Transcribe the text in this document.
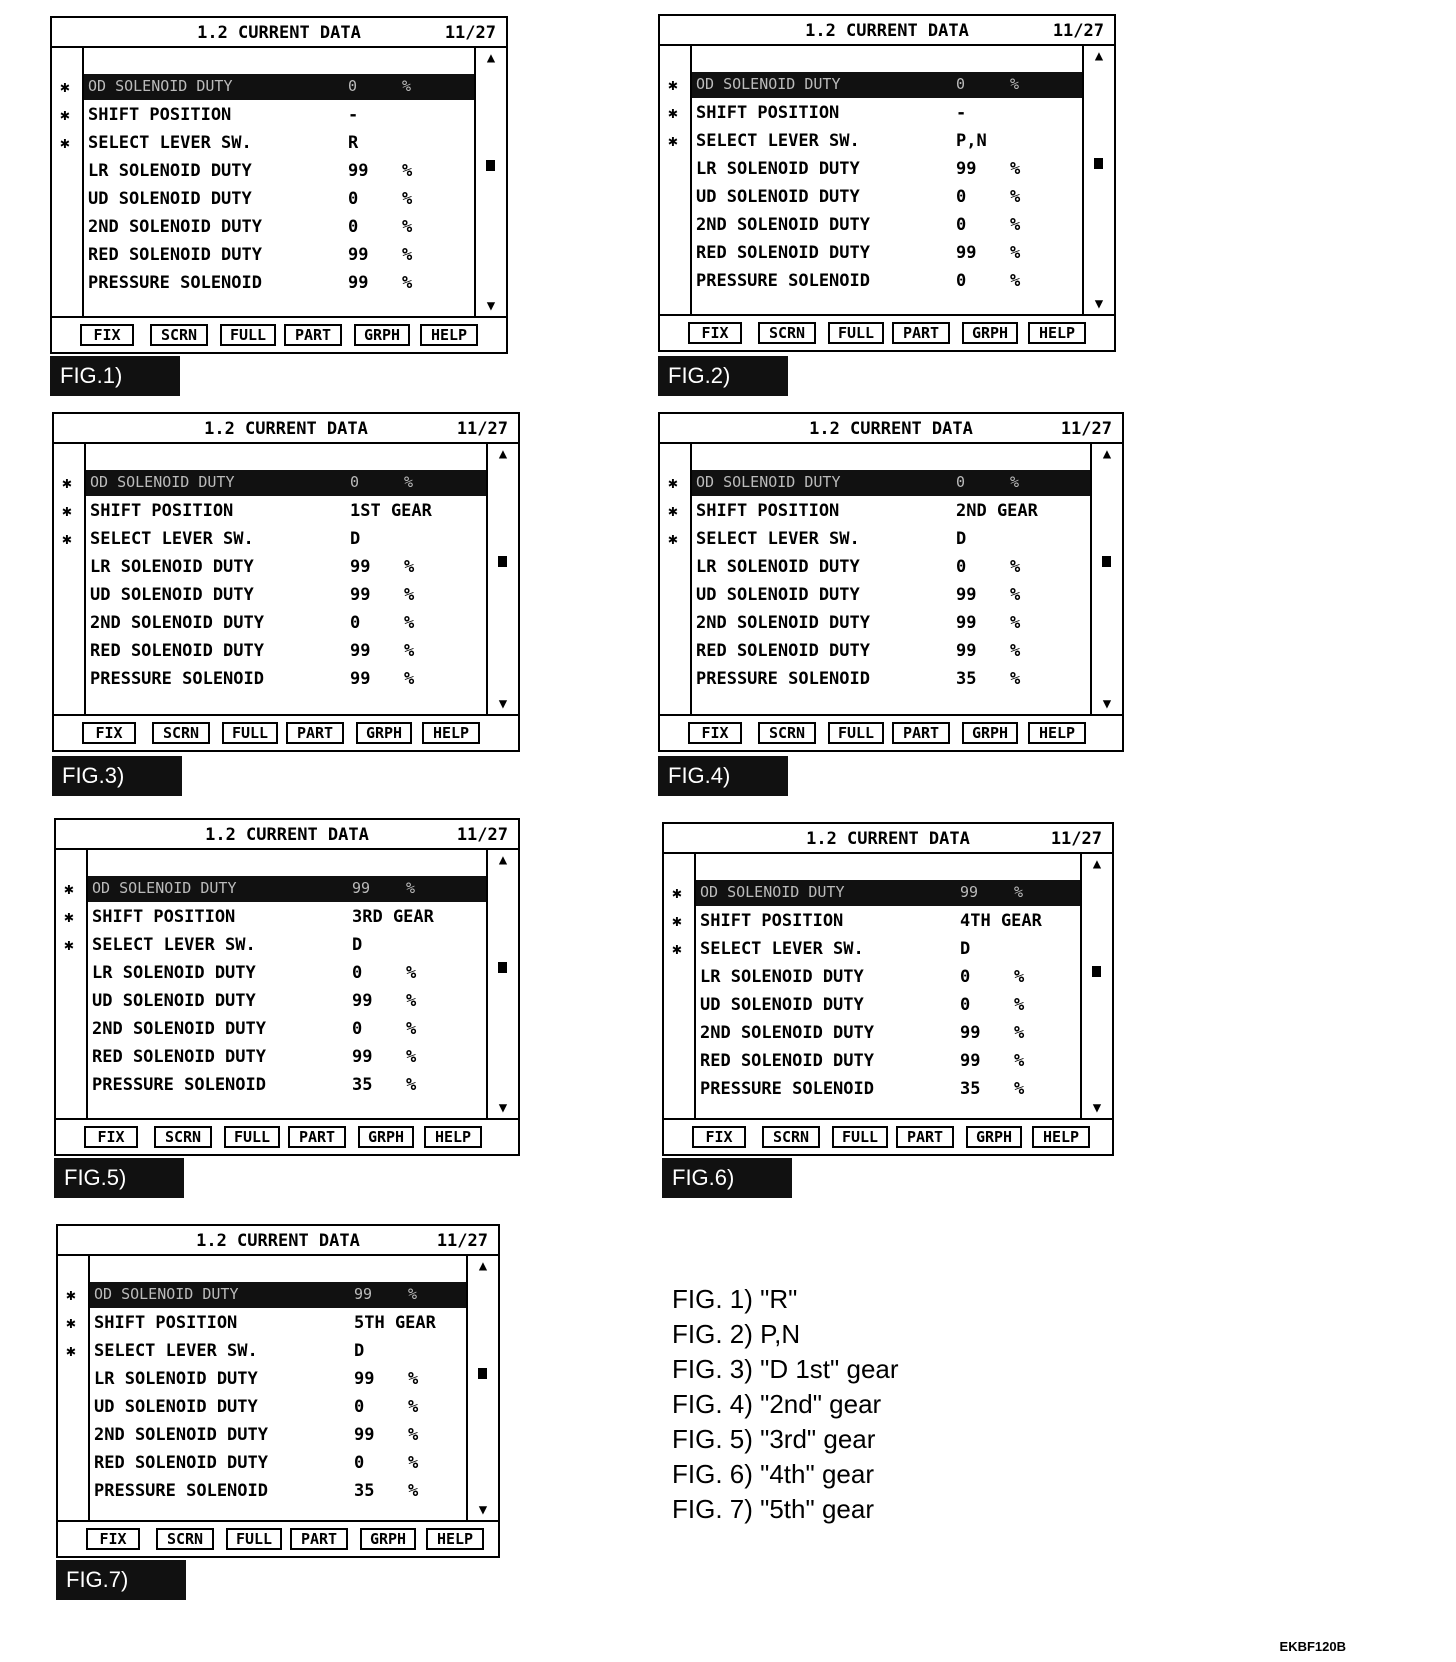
1.2 CURRENT DATA	11/27
✱
✱
✱
OD SOLENOID DUTY	0	%
SHIFT POSITION	-
SELECT LEVER SW.	R
LR SOLENOID DUTY	99 %
UD SOLENOID DUTY	0	%
2ND SOLENOID DUTY	0	%
RED SOLENOID DUTY	99 %
PRESSURE SOLENOID	99 %
▲
▼
FIX	SCRN	FULL	PART	GRPH	HELP
FIG.1)
1.2 CURRENT DATA	11/27
✱
✱
✱
OD SOLENOID DUTY	0	%
SHIFT POSITION	-
SELECT LEVER SW.	P,N
LR SOLENOID DUTY	99 %
UD SOLENOID DUTY	0	%
2ND SOLENOID DUTY	0	%
RED SOLENOID DUTY	99 %
PRESSURE SOLENOID	0	%
▲
▼
FIX	SCRN	FULL	PART	GRPH	HELP
FIG.2)
1.2 CURRENT DATA	11/27
✱
✱
✱
OD SOLENOID DUTY	0	%
SHIFT POSITION	1ST GEAR
SELECT LEVER SW.	D
LR SOLENOID DUTY	99 %
UD SOLENOID DUTY	99 %
2ND SOLENOID DUTY	0	%
RED SOLENOID DUTY	99 %
PRESSURE SOLENOID	99 %
▲
▼
FIX	SCRN	FULL	PART	GRPH	HELP
FIG.3)
1.2 CURRENT DATA	11/27
✱
✱
✱
OD SOLENOID DUTY	0	%
SHIFT POSITION	2ND GEAR
SELECT LEVER SW.	D
LR SOLENOID DUTY	0	%
UD SOLENOID DUTY	99 %
2ND SOLENOID DUTY	99 %
RED SOLENOID DUTY	99 %
PRESSURE SOLENOID	35 %
▲
▼
FIX	SCRN	FULL	PART	GRPH	HELP
FIG.4)
1.2 CURRENT DATA	11/27
✱
✱
✱
OD SOLENOID DUTY	99 %
SHIFT POSITION	3RD GEAR
SELECT LEVER SW.	D
LR SOLENOID DUTY	0	%
UD SOLENOID DUTY	99 %
2ND SOLENOID DUTY	0	%
RED SOLENOID DUTY	99 %
PRESSURE SOLENOID	35 %
▲
▼
FIX	SCRN	FULL	PART	GRPH	HELP
FIG.5)
1.2 CURRENT DATA	11/27
✱
✱
✱
OD SOLENOID DUTY	99 %
SHIFT POSITION	4TH GEAR
SELECT LEVER SW.	D
LR SOLENOID DUTY	0	%
UD SOLENOID DUTY	0	%
2ND SOLENOID DUTY	99 %
RED SOLENOID DUTY	99 %
PRESSURE SOLENOID	35 %
▲
▼
FIX	SCRN	FULL	PART	GRPH	HELP
FIG.6)
1.2 CURRENT DATA	11/27
✱
✱
✱
OD SOLENOID DUTY	99 %
SHIFT POSITION	5TH GEAR
SELECT LEVER SW.	D
LR SOLENOID DUTY	99 %
UD SOLENOID DUTY	0	%
2ND SOLENOID DUTY	99 %
RED SOLENOID DUTY	0	%
PRESSURE SOLENOID	35 %
▲
▼
FIX	SCRN	FULL	PART	GRPH	HELP
FIG.7)
FIG. 1) "R"
FIG. 2) P,N
FIG. 3) "D 1st" gear
FIG. 4) "2nd" gear
FIG. 5) "3rd" gear
FIG. 6) "4th" gear
FIG. 7) "5th" gear
EKBF120B
